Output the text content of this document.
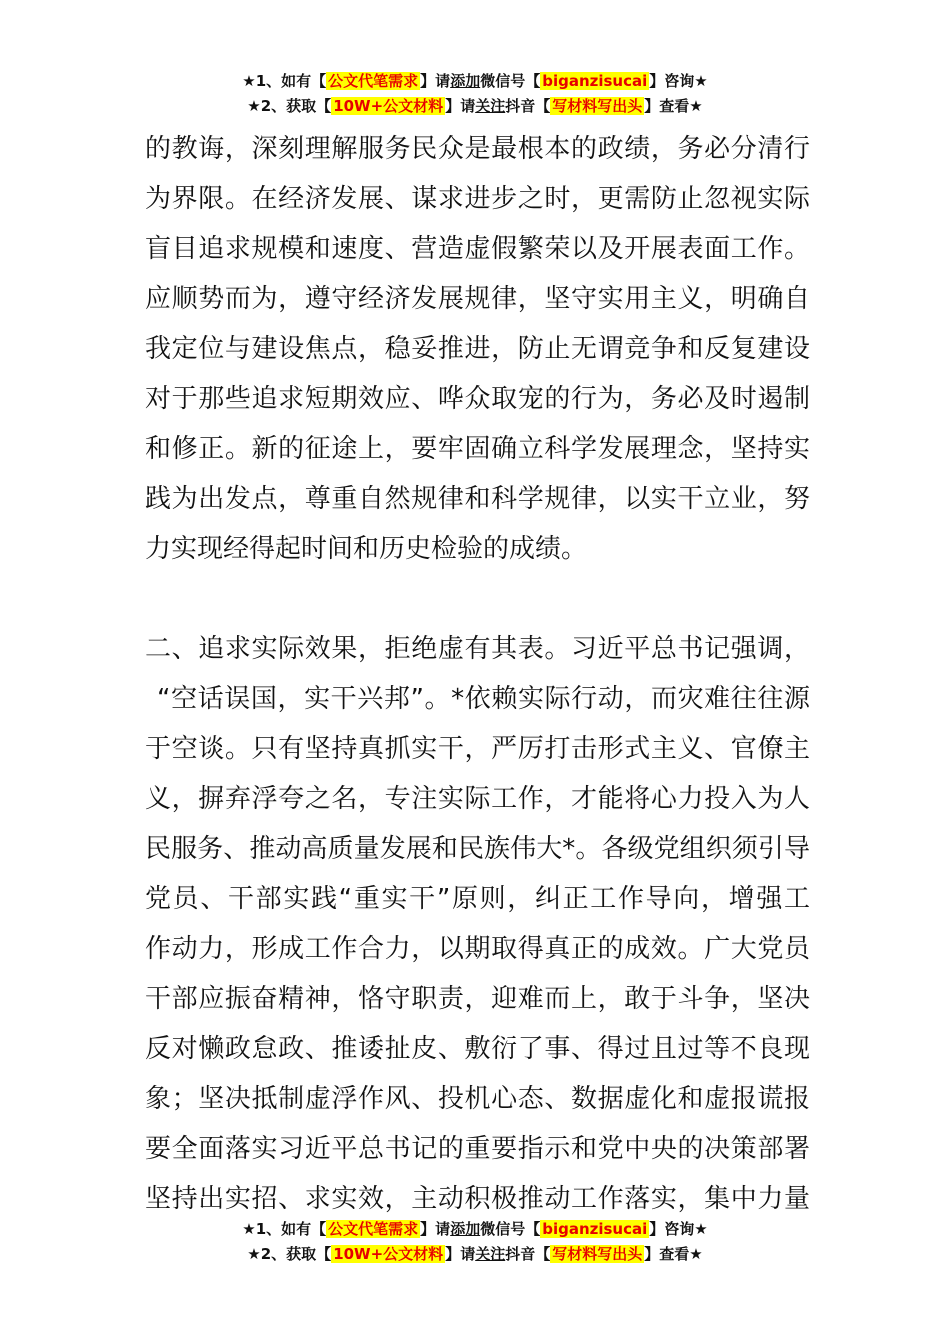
★1、如有【 公文代笔需求 】请添加微信号【 biganzisucai 】咨询★
★2、获取【 10W+公文材料 】请关注抖音【 写材料写出头 】查看★
的教诲，深刻理解服务民众是最根本的政绩，务必分清行
为界限。在经济发展、谋求进步之时，更需防止忽视实际
盲目追求规模和速度、营造虚假繁荣以及开展表面工作。
应顺势而为，遵守经济发展规律，坚守实用主义，明确自
我定位与建设焦点，稳妥推进，防止无谓竞争和反复建设
对于那些追求短期效应、哗众取宠的行为，务必及时遏制
和修正。新的征途上，要牢固确立科学发展理念，坚持实
践为出发点，尊重自然规律和科学规律，以实干立业，努
力实现经得起时间和历史检验的成绩。
二、追求实际效果，拒绝虚有其表。习近平总书记强调，
“空话误国，实干兴邦”。*依赖实际行动，而灾难往往源
于空谈。只有坚持真抓实干，严厉打击形式主义、官僚主
义，摒弃浮夸之名，专注实际工作，才能将心力投入为人
民服务、推动高质量发展和民族伟大*。各级党组织须引导
党员、干部实践“重实干”原则，纠正工作导向，增强工
作动力，形成工作合力，以期取得真正的成效。广大党员
干部应振奋精神，恪守职责，迎难而上，敢于斗争，坚决
反对懒政怠政、推诿扯皮、敷衍了事、得过且过等不良现
象；坚决抵制虚浮作风、投机心态、数据虚化和虚报谎报
要全面落实习近平总书记的重要指示和党中央的决策部署
坚持出实招、求实效，主动积极推动工作落实，集中力量
★1、如有【 公文代笔需求 】请添加微信号【 biganzisucai 】咨询★
★2、获取【 10W+公文材料 】请关注抖音【 写材料写出头 】查看★
